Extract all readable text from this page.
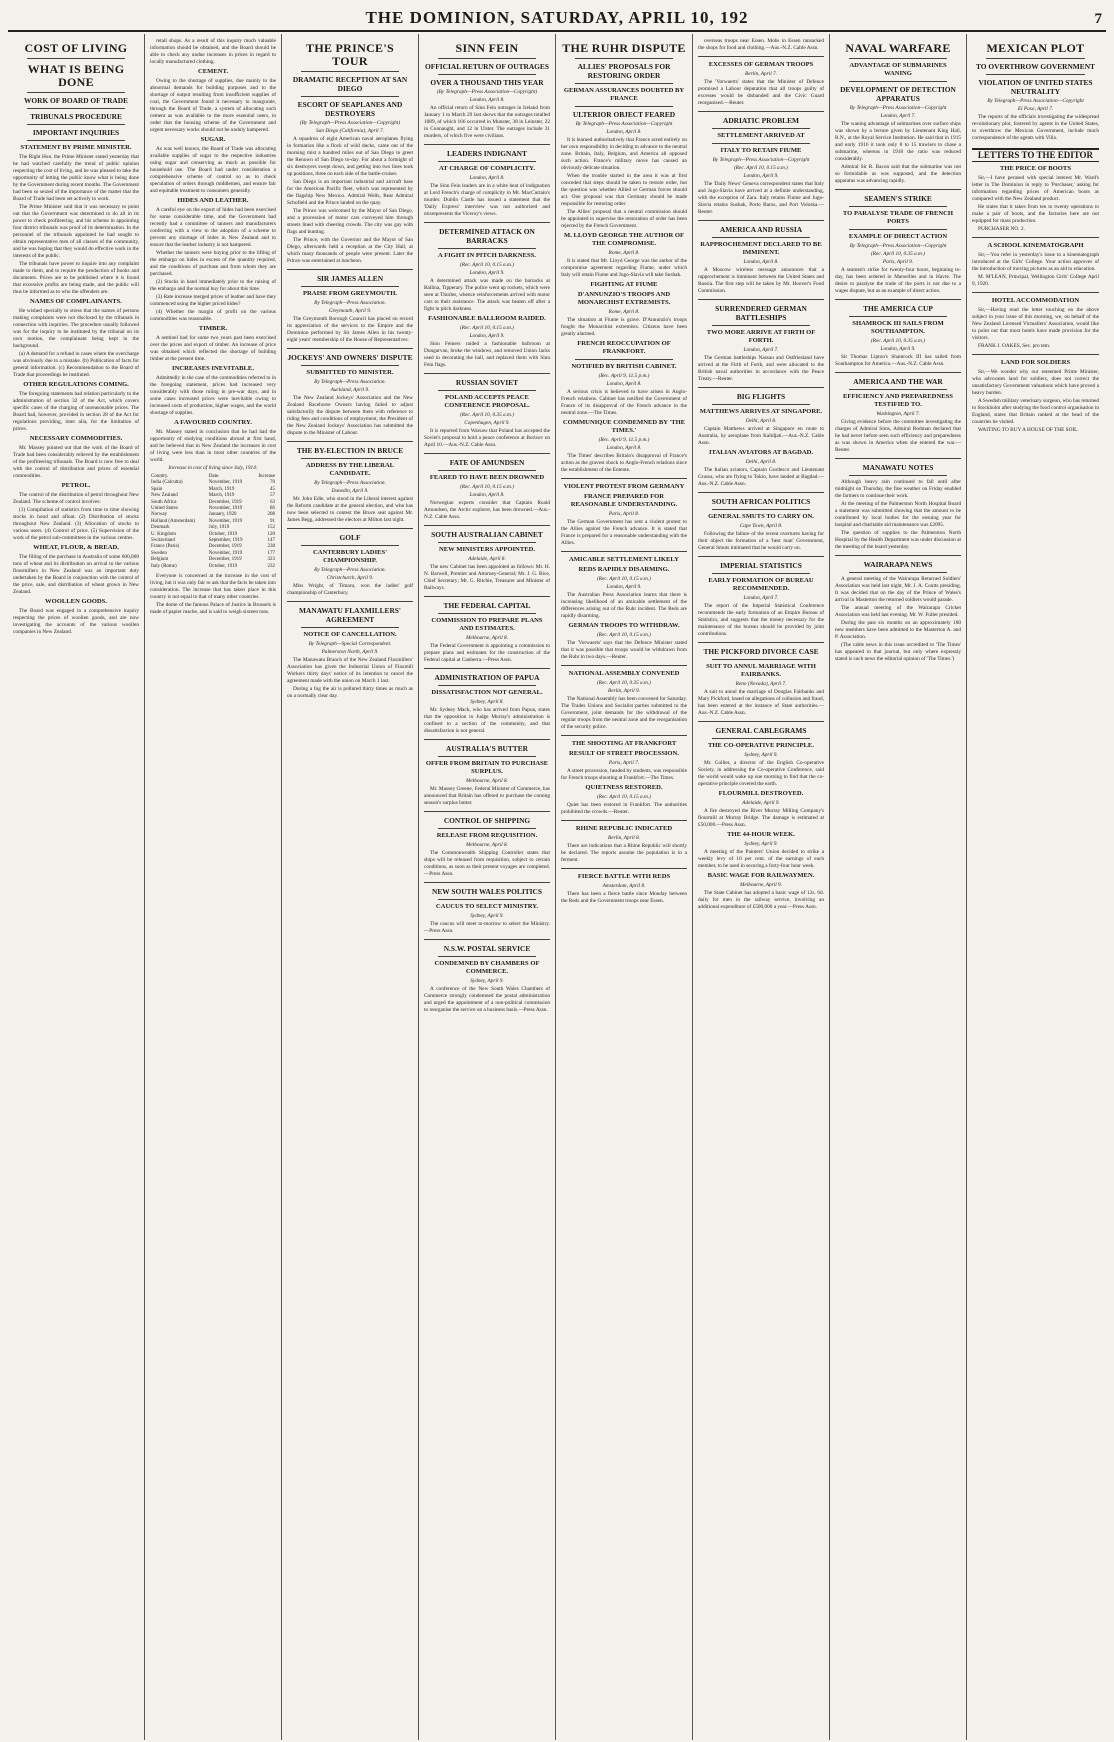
THE DOMINION, SATURDAY, APRIL 10, 192	7
COST OF LIVING
WHAT IS BEING DONE
WORK OF BOARD OF TRADE
TRIBUNALS PROCEDURE
IMPORTANT INQUIRIES
STATEMENT BY PRIME MINISTER.

The Right Hon. the Prime Minister stated yesterday that he had watched carefully the trend of public opinion respecting the cost of living, and he was pleased to take the opportunity of letting the public know what is being done by the Government during recent months. The Government had been so seized of the importance of the matter that the Board of Trade had been set actively to work.

The Prime Minister said that it was necessary to point out that the Government was determined to do all in its power to check profiteering, and his scheme in appointing four district tribunals was proof of its determination. In the personnel of the tribunals appointed he had sought to obtain representative men of all classes of the community, and he was hoping that they would do effective work in the interests of the public.

The tribunals have power to inquire into any complaint made to them, and to require the production of books and documents. Prices are to be published where it is found that excessive profits are being made, and the public will thus be informed as to who the offenders are.

NAMES OF COMPLAINANTS.

He wished specially to stress that the names of persons making complaints were not disclosed by the tribunals in connection with inquiries. The procedure usually followed was for the inquiry to be instituted by the tribunal on its own motion, the complainant being kept in the background.

(a) A demand for a refund in cases where the overcharge was obviously due to a mistake. (b) Publication of facts for general information. (c) Recommendation to the Board of Trade that proceedings be instituted.

OTHER REGULATIONS COMING.

The foregoing statements had relation particularly to the administration of section 32 of the Act, which covers specific cases of the charging of unreasonable prices. The Board had, however, provided in section 28 of the Act for regulations providing, inter alia, for the limitation of prices.

NECESSARY COMMODITIES.

Mr. Massey pointed out that the work of the Board of Trade had been considerably relieved by the establishment of the profiteering tribunals. The Board is now free to deal with the control of distribution and prices of essential commodities.

PETROL.

The control of the distribution of petrol throughout New Zealand. The scheme of control involves:

(1) Compilation of statistics from time to time showing stocks in bond and afloat. (2) Distribution of stocks throughout New Zealand. (3) Allocation of stocks to various users. (4) Control of price. (5) Supervision of the work of the petrol sub-committees in the various centres.

WHEAT, FLOUR, & BREAD.

The filling of the purchase in Australia of some 600,000 tons of wheat and its distribution on arrival to the various flourmillers in New Zealand was an important duty undertaken by the Board in conjunction with the control of the price, sale, and distribution of wheat grown in New Zealand.

WOOLLEN GOODS.

The Board was engaged in a comprehensive inquiry respecting the prices of woollen goods, and are now investigating the accounts of the various woollen companies in New Zealand.

retail shops. As a result of this inquiry much valuable information should be obtained, and the Board should be able to check any undue increases in prices in regard to locally manufactured clothing.

CEMENT.

Owing to the shortage of supplies, due mainly to the abnormal demands for building purposes and to the shortage of output resulting from insufficient supplies of coal, the Government found it necessary to inaugurate, through the Board of Trade, a system of allocating such cement as was available to the more essential users, in order that the housing scheme of the Government and urgent necessary works should not be unduly hampered.

SUGAR.

As was well known, the Board of Trade was allocating available supplies of sugar to the respective industries using sugar and conserving as much as possible for household use. The Board had under consideration a comprehensive scheme of control so as to check speculation of orders through middlemen, and ensure fair and equitable treatment to consumers generally.

HIDES AND LEATHER.

A careful eye on the export of hides had been exercised for some considerable time, and the Government had recently had a committee of tanners and manufacturers conferring with a view to the adoption of a scheme to prevent any shortage of hides in New Zealand and to ensure that the leather industry is not hampered.

Whether the tanners were buying prior to the lifting of the embargo on hides in excess of the quantity required, and the conditions of purchase and from whom they are purchased.

(2) Stocks in hand immediately prior to the raising of the embargo and the normal buy for about this time.

(3) Rate increase merged prices of leather and have they commenced using the higher priced hides?

(4) Whether the margin of profit on the various commodities was reasonable.

TIMBER.

A sentinel had for some two years past been exercised over the prices and export of timber. An increase of price was obtained which reflected the shortage of building timber at the present time.

INCREASES INEVITABLE.

Admittedly in the case of the commodities referred to in the foregoing statement, prices had increased very considerably with those ruling in pre-war days, and in some cases increased prices were inevitable owing to increased costs of production, higher wages, and the world shortage of supplies.

A FAVOURED COUNTRY.

Mr. Massey stated in conclusion that he had had the opportunity of studying conditions abroad at first hand, and he believed that in New Zealand the increases in cost of living were less than in most other countries of the world.

Increase in cost of living since July, 1914:
Country.	Date.	Increase
India (Calcutta)	November, 1919	70
Spain	March, 1919	45
New Zealand	March, 1919	57
South Africa	December, 1919	63
United States	November, 1919	86
Norway	January, 1920	208
Holland (Amsterdam)	November, 1919	91
Denmark	July, 1919	152
U. Kingdom	October, 1919	120
Switzerland	September, 1919	147
France (Paris)	December, 1919	238
Sweden	November, 1919	177
Belgium	December, 1919	323
Italy (Rome)	October, 1919	232

Everyone is concerned at the increase in the cost of living, but it was only fair to ask that the facts be taken into consideration. The increase that has taken place in this country is not equal to that of many other countries.

The dome of the famous Palace of Justice in Brussels is made of papier mache, and is said to weigh sixteen tons.

THE PRINCE'S TOUR
DRAMATIC RECEPTION AT SAN DIEGO
ESCORT OF SEAPLANES AND DESTROYERS
(By Telegraph—Press Association—Copyright)
San Diego (California), April 7.

A squadron of eight American naval aeroplanes flying in formation like a flock of wild ducks, came out of the morning mist a hundred miles out of San Diego to greet the Renown of San Diego to-day. For about a fortnight of six destroyers swept down, and getting into two lines took up positions, three on each side of the battle-cruiser.

San Diego is an important industrial and aircraft base for the American Pacific fleet, which was represented by the flagship New Mexico. Admiral Wells, Rear Admiral Schofield and the Prince landed on the quay.

The Prince was welcomed by the Mayor of San Diego, and a procession of motor cars conveyed him through streets lined with cheering crowds. The city was gay with flags and bunting.

The Prince, with the Governor and the Mayor of San Diego, afterwards held a reception at the City Hall, at which many thousands of people were present. Later the Prince was entertained at luncheon.

SIR JAMES ALLEN
PRAISE FROM GREYMOUTH.
By Telegraph—Press Association.
Greymouth, April 9.

The Greymouth Borough Council has placed on record its appreciation of the services to the Empire and the Dominion performed by Sir James Allen in his twenty-eight years' membership of the House of Representatives.

JOCKEYS' AND OWNERS' DISPUTE
SUBMITTED TO MINISTER.
By Telegraph—Press Association.
Auckland, April 9.

The New Zealand Jockeys' Association and the New Zealand Racehorse Owners having failed to adjust satisfactorily the dispute between them with reference to riding fees and conditions of employment, the President of the New Zealand Jockeys' Association has submitted the dispute to the Minister of Labour.

THE BY-ELECTION IN BRUCE
ADDRESS BY THE LIBERAL CANDIDATE.
By Telegraph—Press Association.
Dunedin, April 9.

Mr. John Edie, who stood in the Liberal interest against the Reform candidate at the general election, and who has now been selected to contest the Bruce seat against Mr. James Begg, addressed the electors at Milton last night.

GOLF
CANTERBURY LADIES' CHAMPIONSHIP.
By Telegraph—Press Association.
Christchurch, April 9.

Miss Wright, of Timaru, won the ladies' golf championship of Canterbury.

MANAWATU FLAXMILLERS' AGREEMENT
NOTICE OF CANCELLATION.
By Telegraph—Special Correspondent.
Palmerston North, April 9.

The Manawatu Branch of the New Zealand Flaxmillers' Association has given the Industrial Union of Flaxmill Workers thirty days' notice of its intention to cancel the agreement made with the union on March 1 last.

During a fog the air is polluted thirty times as much as on a normally clear day.

SINN FEIN
OFFICIAL RETURN OF OUTRAGES
OVER A THOUSAND THIS YEAR
(By Telegraph—Press Association—Copyright)
London, April 8.

An official return of Sinn Fein outrages in Ireland from January 1 to March 29 last shows that the outrages totalled 1089, of which 166 occurred in Munster, 38 in Leinster, 22 in Connaught, and 12 in Ulster. The outrages include 31 murders, of which five were civilians.

LEADERS INDIGNANT
AT CHARGE OF COMPLICITY.
London, April 8.

The Sinn Fein leaders are in a white heat of indignation at Lord French's charge of complicity in Mr. MacCurtain's murder. Dublin Castle has issued a statement that the 'Daily Express' interview was not authorised and misrepresents the Viceroy's views.

DETERMINED ATTACK ON BARRACKS
A FIGHT IN PITCH DARKNESS.
(Rec. April 10, 0.15 a.m.)
London, April 9.

A determined attack was made on the barracks at Ballina, Tipperary. The police went up rockets, which were seen at Thurles, whence reinforcements arrived with motor cars to their assistance. The attack was beaten off after a fight in pitch darkness.

FASHIONABLE BALLROOM RAIDED.
(Rec. April 10, 0.15 a.m.)
London, April 9.

Sinn Feiners raided a fashionable ballroom at Dungarvan, broke the windows, and removed Union Jacks used in decorating the hall, and replaced them with Sinn Fein flags.

RUSSIAN SOVIET
POLAND ACCEPTS PEACE CONFERENCE PROPOSAL.
(Rec. April 10, 0.35 a.m.)
Copenhagen, April 9.

It is reported from Warsaw that Poland has accepted the Soviet's proposal to hold a peace conference at Borisov on April 10.—Aus.-N.Z. Cable Assn.

FATE OF AMUNDSEN
FEARED TO HAVE BEEN DROWNED
(Rec. April 10, 0.15 a.m.)
London, April 8.

Norwegian experts consider that Captain Roald Amundsen, the Arctic explorer, has been drowned.—Aus.-N.Z. Cable Assn.

SOUTH AUSTRALIAN CABINET
NEW MINISTERS APPOINTED.
Adelaide, April 8.

The new Cabinet has been appointed as follows: Mr. H. N. Barwell, Premier and Attorney-General; Mr. J. G. Bice, Chief Secretary; Mr. G. Ritchie, Treasurer and Minister of Railways.

THE FEDERAL CAPITAL
COMMISSION TO PREPARE PLANS AND ESTIMATES.
Melbourne, April 8.

The Federal Government is appointing a commission to prepare plans and estimates for the construction of the Federal capital at Canberra.—Press Assn.

ADMINISTRATION OF PAPUA
DISSATISFACTION NOT GENERAL.
Sydney, April 8.

Mr. Sydney Mack, who has arrived from Papua, states that the opposition to Judge Murray's administration is confined to a section of the community, and that dissatisfaction is not general.

AUSTRALIA'S BUTTER
OFFER FROM BRITAIN TO PURCHASE SURPLUS.
Melbourne, April 8.

Mr. Massey Greene, Federal Minister of Commerce, has announced that Britain has offered to purchase the coming season's surplus butter.

CONTROL OF SHIPPING
RELEASE FROM REQUISITION.
Melbourne, April 8.

The Commonwealth Shipping Controller states that ships will be released from requisition, subject to certain conditions, as soon as their present voyages are completed.—Press Assn.

NEW SOUTH WALES POLITICS
CAUCUS TO SELECT MINISTRY.
Sydney, April 9.

The caucus will meet to-morrow to select the Ministry.—Press Assn.

N.S.W. POSTAL SERVICE
CONDEMNED BY CHAMBERS OF COMMERCE.
Sydney, April 9.

A conference of the New South Wales Chambers of Commerce strongly condemned the postal administration and urged the appointment of a non-political commission to reorganise the service on a business basis.—Press Assn.

THE RUHR DISPUTE
ALLIES' PROPOSALS FOR RESTORING ORDER
GERMAN ASSURANCES DOUBTED BY FRANCE
ULTERIOR OBJECT FEARED
By Telegraph—Press Association—Copyright
London, April 8.

It is learned authoritatively that France acted entirely on her own responsibility in deciding to advance to the neutral zone. Britain, Italy, Belgium, and America all opposed such action. France's military move has caused an obviously delicate situation.

When the trouble started in the area it was at first conceded that steps should be taken to restore order, but the question was whether Allied or German forces should act. One proposal was that Germany should be made responsible for restoring order.

The Allies' proposal that a neutral commission should be appointed to supervise the restoration of order has been rejected by the French Government.

M. LLOYD GEORGE THE AUTHOR OF THE COMPROMISE.
Rome, April 8.

It is stated that Mr. Lloyd George was the author of the compromise agreement regarding Fiume, under which Italy will retain Fiume and Jugo-Slavia will take Sushak.

FIGHTING AT FIUME
D'ANNUNZIO'S TROOPS AND MONARCHIST EXTREMISTS.
Rome, April 8.

The situation at Fiume is grave. D'Annunzio's troops fought the Monarchist extremists. Citizens have been greatly alarmed.

FRENCH REOCCUPATION OF FRANKFORT.
NOTIFIED BY BRITISH CABINET.
(Rec. April 9, 11.5 p.m.)
London, April 8.

A serious crisis is believed to have arisen in Anglo-French relations. Cabinet has notified the Government of France of its disapproval of the French advance in the neutral zone.—The Times.

COMMUNIQUE CONDEMNED BY 'THE TIMES.'
(Rec. April 9, 11.5 p.m.)
London, April 8.

'The Times' describes Britain's disapproval of France's action as the gravest shock to Anglo-French relations since the establishment of the Entente.

VIOLENT PROTEST FROM GERMANY
FRANCE PREPARED FOR REASONABLE UNDERSTANDING.
Paris, April 8.

The German Government has sent a violent protest to the Allies against the French advance. It is stated that France is prepared for a reasonable understanding with the Allies.

AMICABLE SETTLEMENT LIKELY
REDS RAPIDLY DISARMING.
(Rec. April 10, 0.15 a.m.)
London, April 9.

The Australian Press Association learns that there is increasing likelihood of an amicable settlement of the differences arising out of the Ruhr incident. The Reds are rapidly disarming.

GERMAN TROOPS TO WITHDRAW.
(Rec. April 10, 0.15 a.m.)

The 'Vorwaerts' says that the Defence Minister stated that it was possible that troops would be withdrawn from the Ruhr in two days.—Reuter.

NATIONAL ASSEMBLY CONVENED
(Rec. April 10, 0.35 a.m.)
Berlin, April 9.

The National Assembly has been convened for Saturday. The Trades Unions and Socialist parties submitted to the Government, joint demands for the withdrawal of the regular troops from the neutral zone and the reorganisation of the security police.

THE SHOOTING AT FRANKFORT
RESULT OF STREET PROCESSION.
Paris, April 7.

A street procession, headed by students, was responsible for French troops shooting at Frankfort.—The Times.

QUIETNESS RESTORED.
(Rec. April 10, 0.15 a.m.)

Quiet has been restored in Frankfort. The authorities prohibited the crowds.—Reuter.

RHINE REPUBLIC INDICATED
Berlin, April 8.

There are indications that a Rhine Republic will shortly be declared. The reports assume the population is in a ferment.

FIERCE BATTLE WITH REDS
Amsterdam, April 8.

There has been a fierce battle since Monday between the Reds and the Government troops near Essen.

overseas troops near Essen. Mobs in Essen ransacked the shops for food and clothing.—Aus.-N.Z. Cable Assn.

EXCESSES OF GERMAN TROOPS
Berlin, April 7.

The 'Vorwaerts' states that the Minister of Defence promised a Labour deputation that all troops guilty of excesses would be disbanded and the Civic Guard reorganised.—Reuter.

ADRIATIC PROBLEM
SETTLEMENT ARRIVED AT
ITALY TO RETAIN FIUME
By Telegraph—Press Association—Copyright
(Rec. April 10, 0.15 a.m.)
London, April 9.

The 'Daily News' Geneva correspondent states that Italy and Jugo-Slavia have arrived at a definite understanding, with the exception of Zara. Italy retains Fiume and Jugo-Slavia retains Sushak, Porto Baros, and Port Voloska.—Reuter.

AMERICA AND RUSSIA
RAPPROCHEMENT DECLARED TO BE IMMINENT.
London, April 8.

A Moscow wireless message announces that a rapprochement is imminent between the United States and Russia. The first step will be taken by Mr. Hoover's Food Commission.

SURRENDERED GERMAN BATTLESHIPS
TWO MORE ARRIVE AT FIRTH OF FORTH.
London, April 7.

The German battleships Nassau and Ostfriesland have arrived at the Firth of Forth, and were allocated to the British naval authorities in accordance with the Peace Treaty.—Reuter.

BIG FLIGHTS
MATTHEWS ARRIVES AT SINGAPORE.
Delhi, April 8.

Captain Matthews arrived at Singapore en route to Australia, by aeroplane from Kalidjati.—Aus.-N.Z. Cable Assn.

ITALIAN AVIATORS AT BAGDAD.
Delhi, April 8.

The Italian aviators, Captain Gordesco and Lieutenant Grassa, who are flying to Tokio, have landed at Bagdad.—Aus.-N.Z. Cable Assn.

SOUTH AFRICAN POLITICS
GENERAL SMUTS TO CARRY ON.
Cape Town, April 8.

Following the failure of the recent overtures having for their object the formation of a 'best man' Government, General Smuts intimated that he would carry on.

IMPERIAL STATISTICS
EARLY FORMATION OF BUREAU RECOMMENDED.
London, April 7.

The report of the Imperial Statistical Conference recommends the early formation of an Empire Bureau of Statistics, and suggests that the money necessary for the maintenance of the bureau should be provided by joint contributions.

THE PICKFORD DIVORCE CASE
SUIT TO ANNUL MARRIAGE WITH FAIRBANKS.
Reno (Nevada), April 7.

A suit to annul the marriage of Douglas Fairbanks and Mary Pickford, based on allegations of collusion and fraud, has been entered at the instance of State authorities.—Aus.-N.Z. Cable Assn.

GENERAL CABLEGRAMS
THE CO-OPERATIVE PRINCIPLE.
Sydney, April 9.

Mr. Collier, a director of the English Co-operative Society, in addressing the Co-operative Conference, said the world would wake up one morning to find that the co-operative principle covered the earth.

FLOURMILL DESTROYED.
Adelaide, April 9.

A fire destroyed the River Murray Milling Company's flourmill at Murray Bridge. The damage is estimated at £50,000.—Press Assn.

THE 44-HOUR WEEK.
Sydney, April 9.

A meeting of the Painters' Union decided to strike a weekly levy of 10 per cent. of the earnings of each member, to be used in securing a forty-four hour week.

BASIC WAGE FOR RAILWAYMEN.
Melbourne, April 9.

The State Cabinet has adopted a basic wage of 12s. 6d. daily for men in the railway service, involving an additional expenditure of £500,000 a year.—Press Assn.

NAVAL WARFARE
ADVANTAGE OF SUBMARINES WANING
DEVELOPMENT OF DETECTION APPARATUS
By Telegraph—Press Association—Copyright
London, April 7.

The waning advantage of submarines over surface ships was shown by a lecture given by Lieutenant King Hall, R.N., at the Royal Service Institution. He said that in 1915 and early 1916 it took only 8 to 15 trawlers to chase a submarine, whereas in 1918 the ratio was reduced considerably.

Admiral Sir R. Bacon said that the submarine was not so formidable as was supposed, and the detection apparatus was advancing rapidly.

SEAMEN'S STRIKE
TO PARALYSE TRADE OF FRENCH PORTS
EXAMPLE OF DIRECT ACTION
By Telegraph—Press Association—Copyright
(Rec. April 10, 0.35 a.m.)
Paris, April 9.

A seamen's strike for twenty-four hours, beginning to-day, has been ordered in Marseilles and in Havre. The desire to paralyse the trade of the ports is not due to a wages dispute, but as an example of direct action.

THE AMERICA CUP
SHAMROCK III SAILS FROM SOUTHAMPTON.
(Rec. April 10, 0.35 a.m.)
London, April 9.

Sir Thomas Lipton's Shamrock III has sailed from Southampton for America.—Aus.-N.Z. Cable Assn.

AMERICA AND THE WAR
EFFICIENCY AND PREPAREDNESS TESTIFIED TO.
Washington, April 7.

Giving evidence before the committee investigating the charges of Admiral Sims, Admiral Rodman declared that he had never before seen such efficiency and preparedness as was shown in America when she entered the war.—Reuter.

MANAWATU NOTES

Although heavy rain continued to fall until after midnight on Thursday, the fine weather on Friday enabled the farmers to continue their work.

At the meeting of the Palmerston North Hospital Board a statement was submitted showing that the amount to be contributed by local bodies for the ensuing year for hospital and charitable aid maintenance was £2095.

The question of supplies to the Palmerston North Hospital by the Health Department was under discussion at the meeting of the board yesterday.

WAIRARAPA NEWS

A general meeting of the Wairarapa Returned Soldiers' Association was held last night, Mr. J. A. Coutts presiding. It was decided that on the day of the Prince of Wales's arrival in Masterton the returned soldiers would parade.

The annual meeting of the Wairarapa Cricket Association was held last evening. Mr. W. Fuller presided.

During the past six months on an approximately 100 new members have been admitted to the Masterton A. and P. Association.

(The cable news in this issue accredited to 'The Times' has appeared in that journal, but only where expressly stated is such news the editorial opinion of 'The Times.')

MEXICAN PLOT
TO OVERTHROW GOVERNMENT
VIOLATION OF UNITED STATES NEUTRALITY
By Telegraph—Press Association—Copyright
El Paso, April 7.

The reports of the officials investigating the widespread revolutionary plot, fostered by agents in the United States, to overthrow the Mexican Government, include much correspondence of the agents with Villa.

LETTERS TO THE EDITOR
THE PRICE OF BOOTS

Sir,—I have perused with special interest Mr. Ward's letter in The Dominion in reply to 'Purchaser,' asking for information regarding prices of American boots as compared with the New Zealand product.

He states that it takes from ten to twenty operations to make a pair of boots, and the factories here are not equipped for mass production.

PURCHASER NO. 2.

A SCHOOL KINEMATOGRAPH

Sir,—You refer in yesterday's issue to a kinematograph introduced at the Girls' College. Your action approves of the introduction of moving pictures as an aid to education.

M. M'LEAN, Principal, Wellington Girls' College April 9, 1920.

HOTEL ACCOMMODATION

Sir,—Having read the letter touching on the above subject in your issue of this morning, we, on behalf of the New Zealand Licensed Victuallers' Association, would like to point out that most hotels have made provision for the visitors.

FRANK J. OAKES, Sec. pro tem.

LAND FOR SOLDIERS

Sir,—We wonder why our esteemed Prime Minister, who advocates land for soldiers, does not correct the unsatisfactory Government valuations which have proved a heavy burden.

A Swedish military veterinary surgeon, who has returned to Stockholm after studying the food control organisation in England, states that Britain ranked at the head of the countries he visited.

WAITING TO BUY A HOUSE OF THE SOIL.
